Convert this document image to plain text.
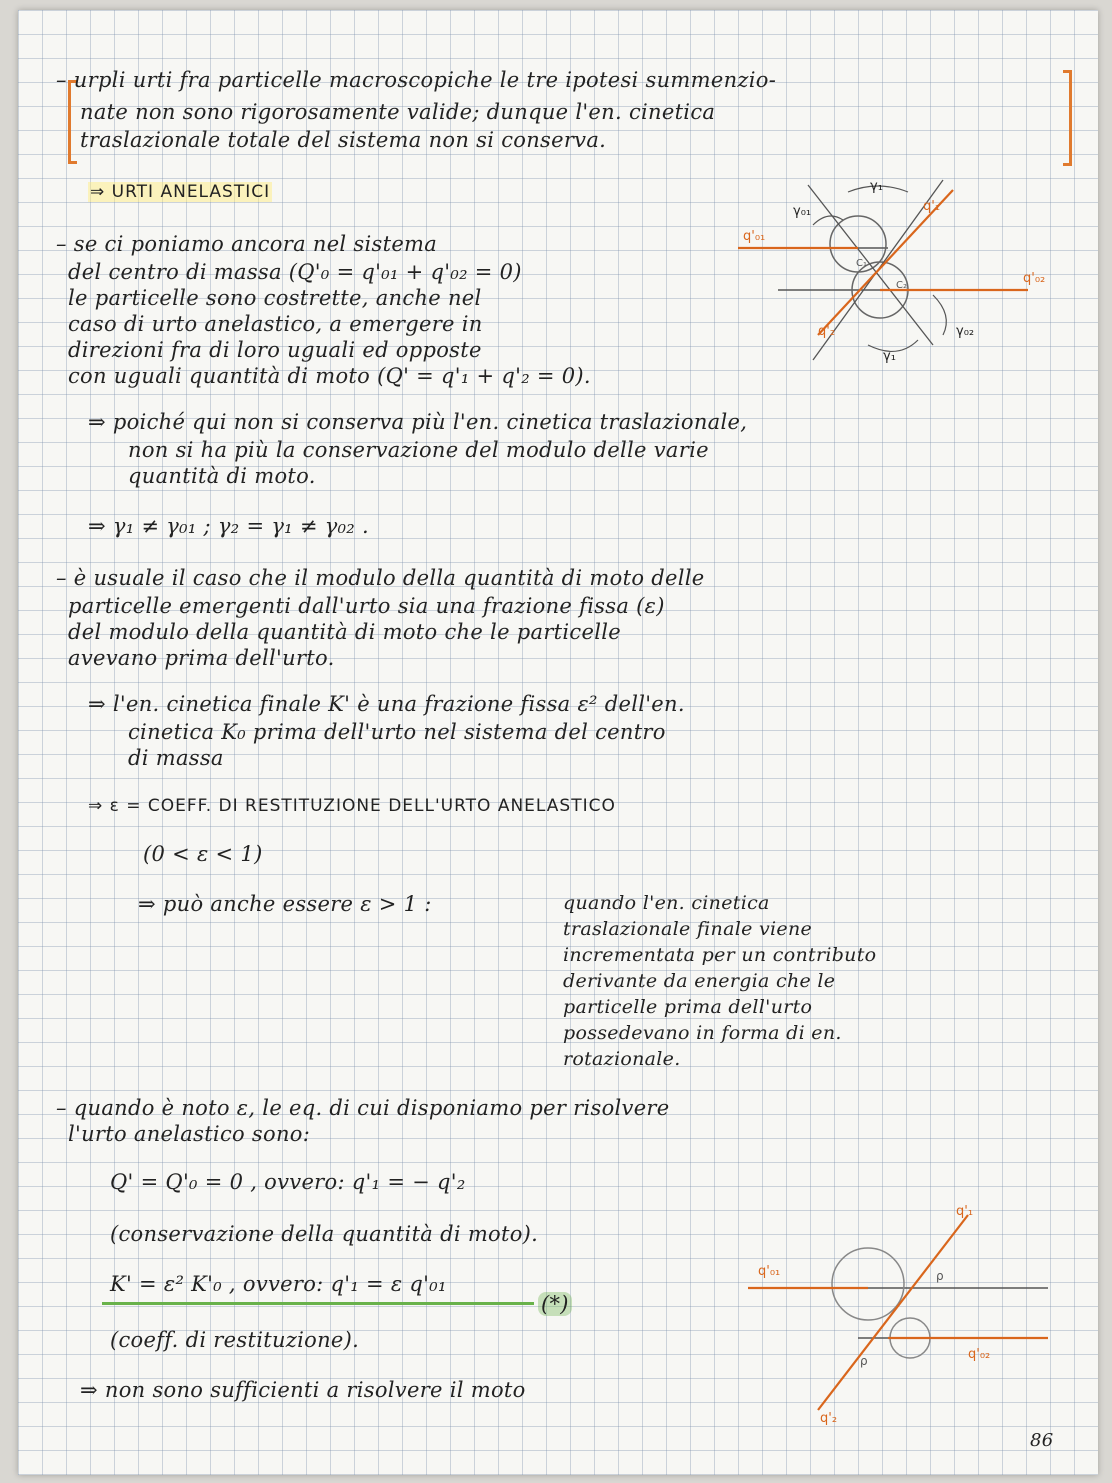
– urpli urti fra particelle macroscopiche le tre ipotesi summenzio-
nate non sono rigorosamente valide; dunque l'en. cinetica
traslazionale totale del sistema non si conserva.
⇒ URTI ANELASTICI
– se ci poniamo ancora nel sistema
del centro di massa (Q'₀ = q'₀₁ + q'₀₂ = 0)
le particelle sono costrette, anche nel
caso di urto anelastico, a emergere in
direzioni fra di loro uguali ed opposte
con uguali quantità di moto (Q' = q'₁ + q'₂ = 0).
⇒ poiché qui non si conserva più l'en. cinetica traslazionale,
non si ha più la conservazione del modulo delle varie
quantità di moto.
⇒ γ₁ ≠ γ₀₁ ; γ₂ = γ₁ ≠ γ₀₂ .
– è usuale il caso che il modulo della quantità di moto delle
particelle emergenti dall'urto sia una frazione fissa (ε)
del modulo della quantità di moto che le particelle
avevano prima dell'urto.
⇒ l'en. cinetica finale K' è una frazione fissa ε² dell'en.
cinetica K₀ prima dell'urto nel sistema del centro
di massa
⇒ ε = COEFF. DI RESTITUZIONE DELL'URTO ANELASTICO
(0 < ε < 1)
⇒ può anche essere ε > 1 :	quando l'en. cinetica
traslazionale finale viene
incrementata per un contributo
derivante da energia che le
particelle prima dell'urto
possedevano in forma di en.
rotazionale.
– quando è noto ε, le eq. di cui disponiamo per risolvere
l'urto anelastico sono:
Q' = Q'₀ = 0 , ovvero: q'₁ = − q'₂
(conservazione della quantità di moto).
K' = ε² K'₀ , ovvero: q'₁ = ε q'₀₁
(*)
(coeff. di restituzione).
⇒ non sono sufficienti a risolvere il moto
γ₀₁
γ₁
q'₁
q'₀₁
q'₀₂
γ₀₂
γ₁
q'₂
C₁
C₂
q'₁
q'₀₁
q'₀₂
q'₂
ρ
ρ
86
